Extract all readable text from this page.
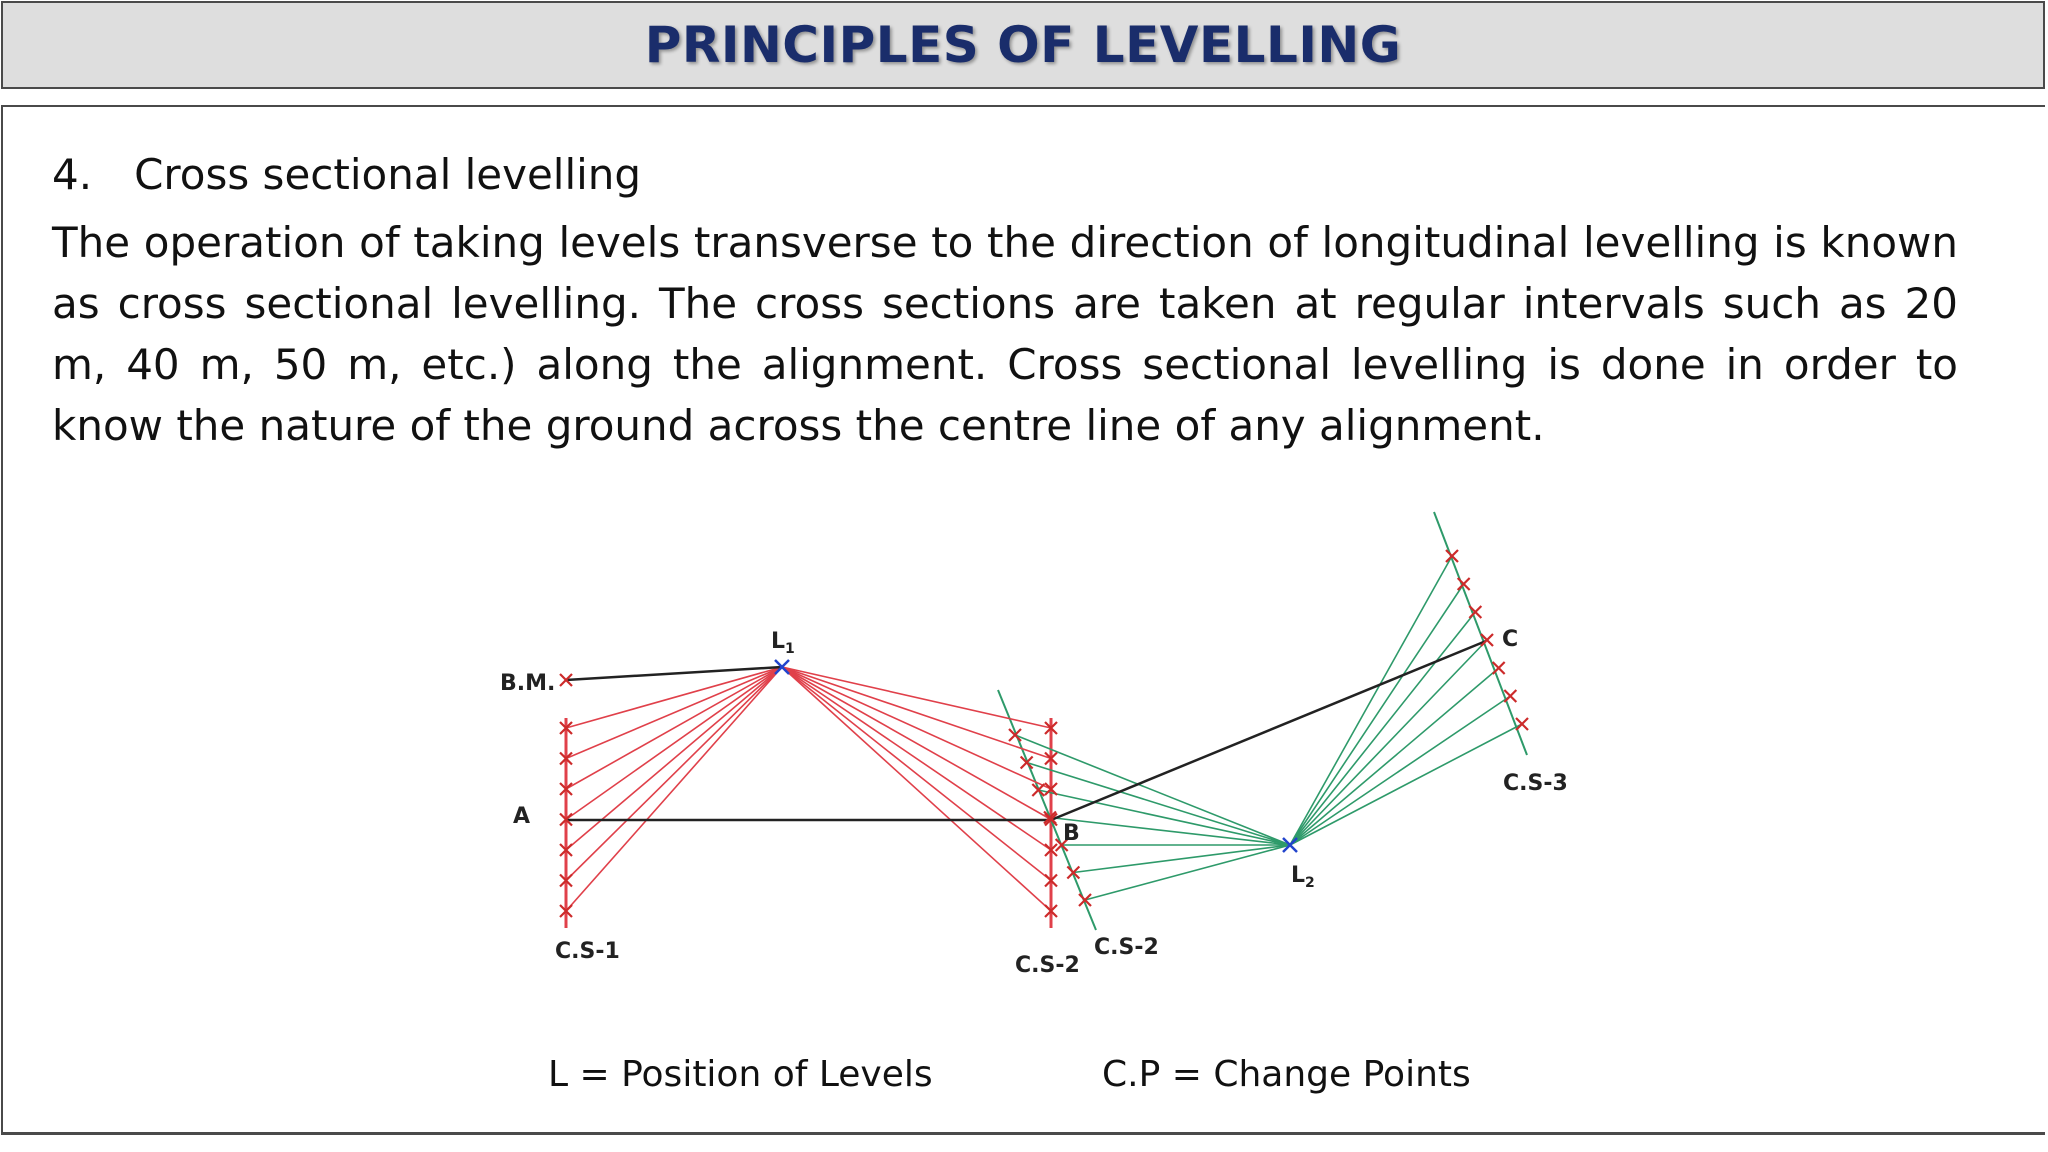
PRINCIPLES OF LEVELLING
4. Cross sectional levelling
The operation of taking levels transverse to the direction of longitudinal levelling is known as cross sectional levelling. The cross sections are taken at regular intervals such as 20 m, 40 m, 50 m, etc.) along the alignment. Cross sectional levelling is done in order to know the nature of the ground across the centre line of any alignment.
B.M.
$L_1$
A
B
C
$L_2$
C.S-1
C.S-2
C.S-2
C.S-3
L = Position of Levels	C.P = Change Points
